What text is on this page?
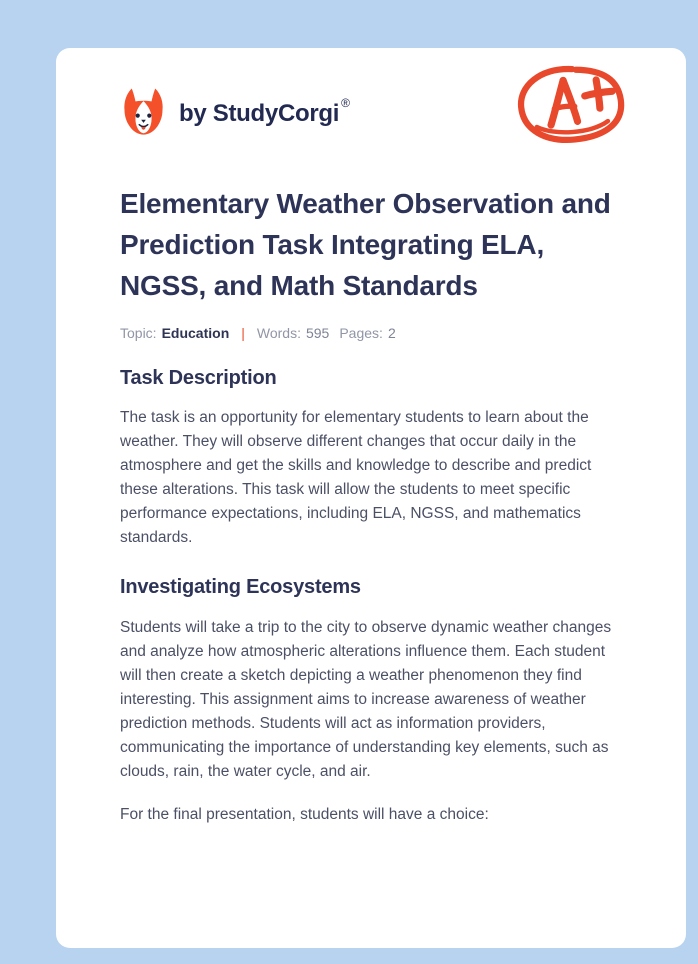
by StudyCorgi ®
Elementary Weather Observation and Prediction Task Integrating ELA, NGSS, and Math Standards
Topic: Education | Words: 595 Pages: 2
Task Description

The task is an opportunity for elementary students to learn about the weather. They will observe different changes that occur daily in the atmosphere and get the skills and knowledge to describe and predict these alterations. This task will allow the students to meet specific performance expectations, including ELA, NGSS, and mathematics standards.

Investigating Ecosystems

Students will take a trip to the city to observe dynamic weather changes and analyze how atmospheric alterations influence them. Each student will then create a sketch depicting a weather phenomenon they find interesting. This assignment aims to increase awareness of weather prediction methods. Students will act as information providers, communicating the importance of understanding key elements, such as clouds, rain, the water cycle, and air.

For the final presentation, students will have a choice:
